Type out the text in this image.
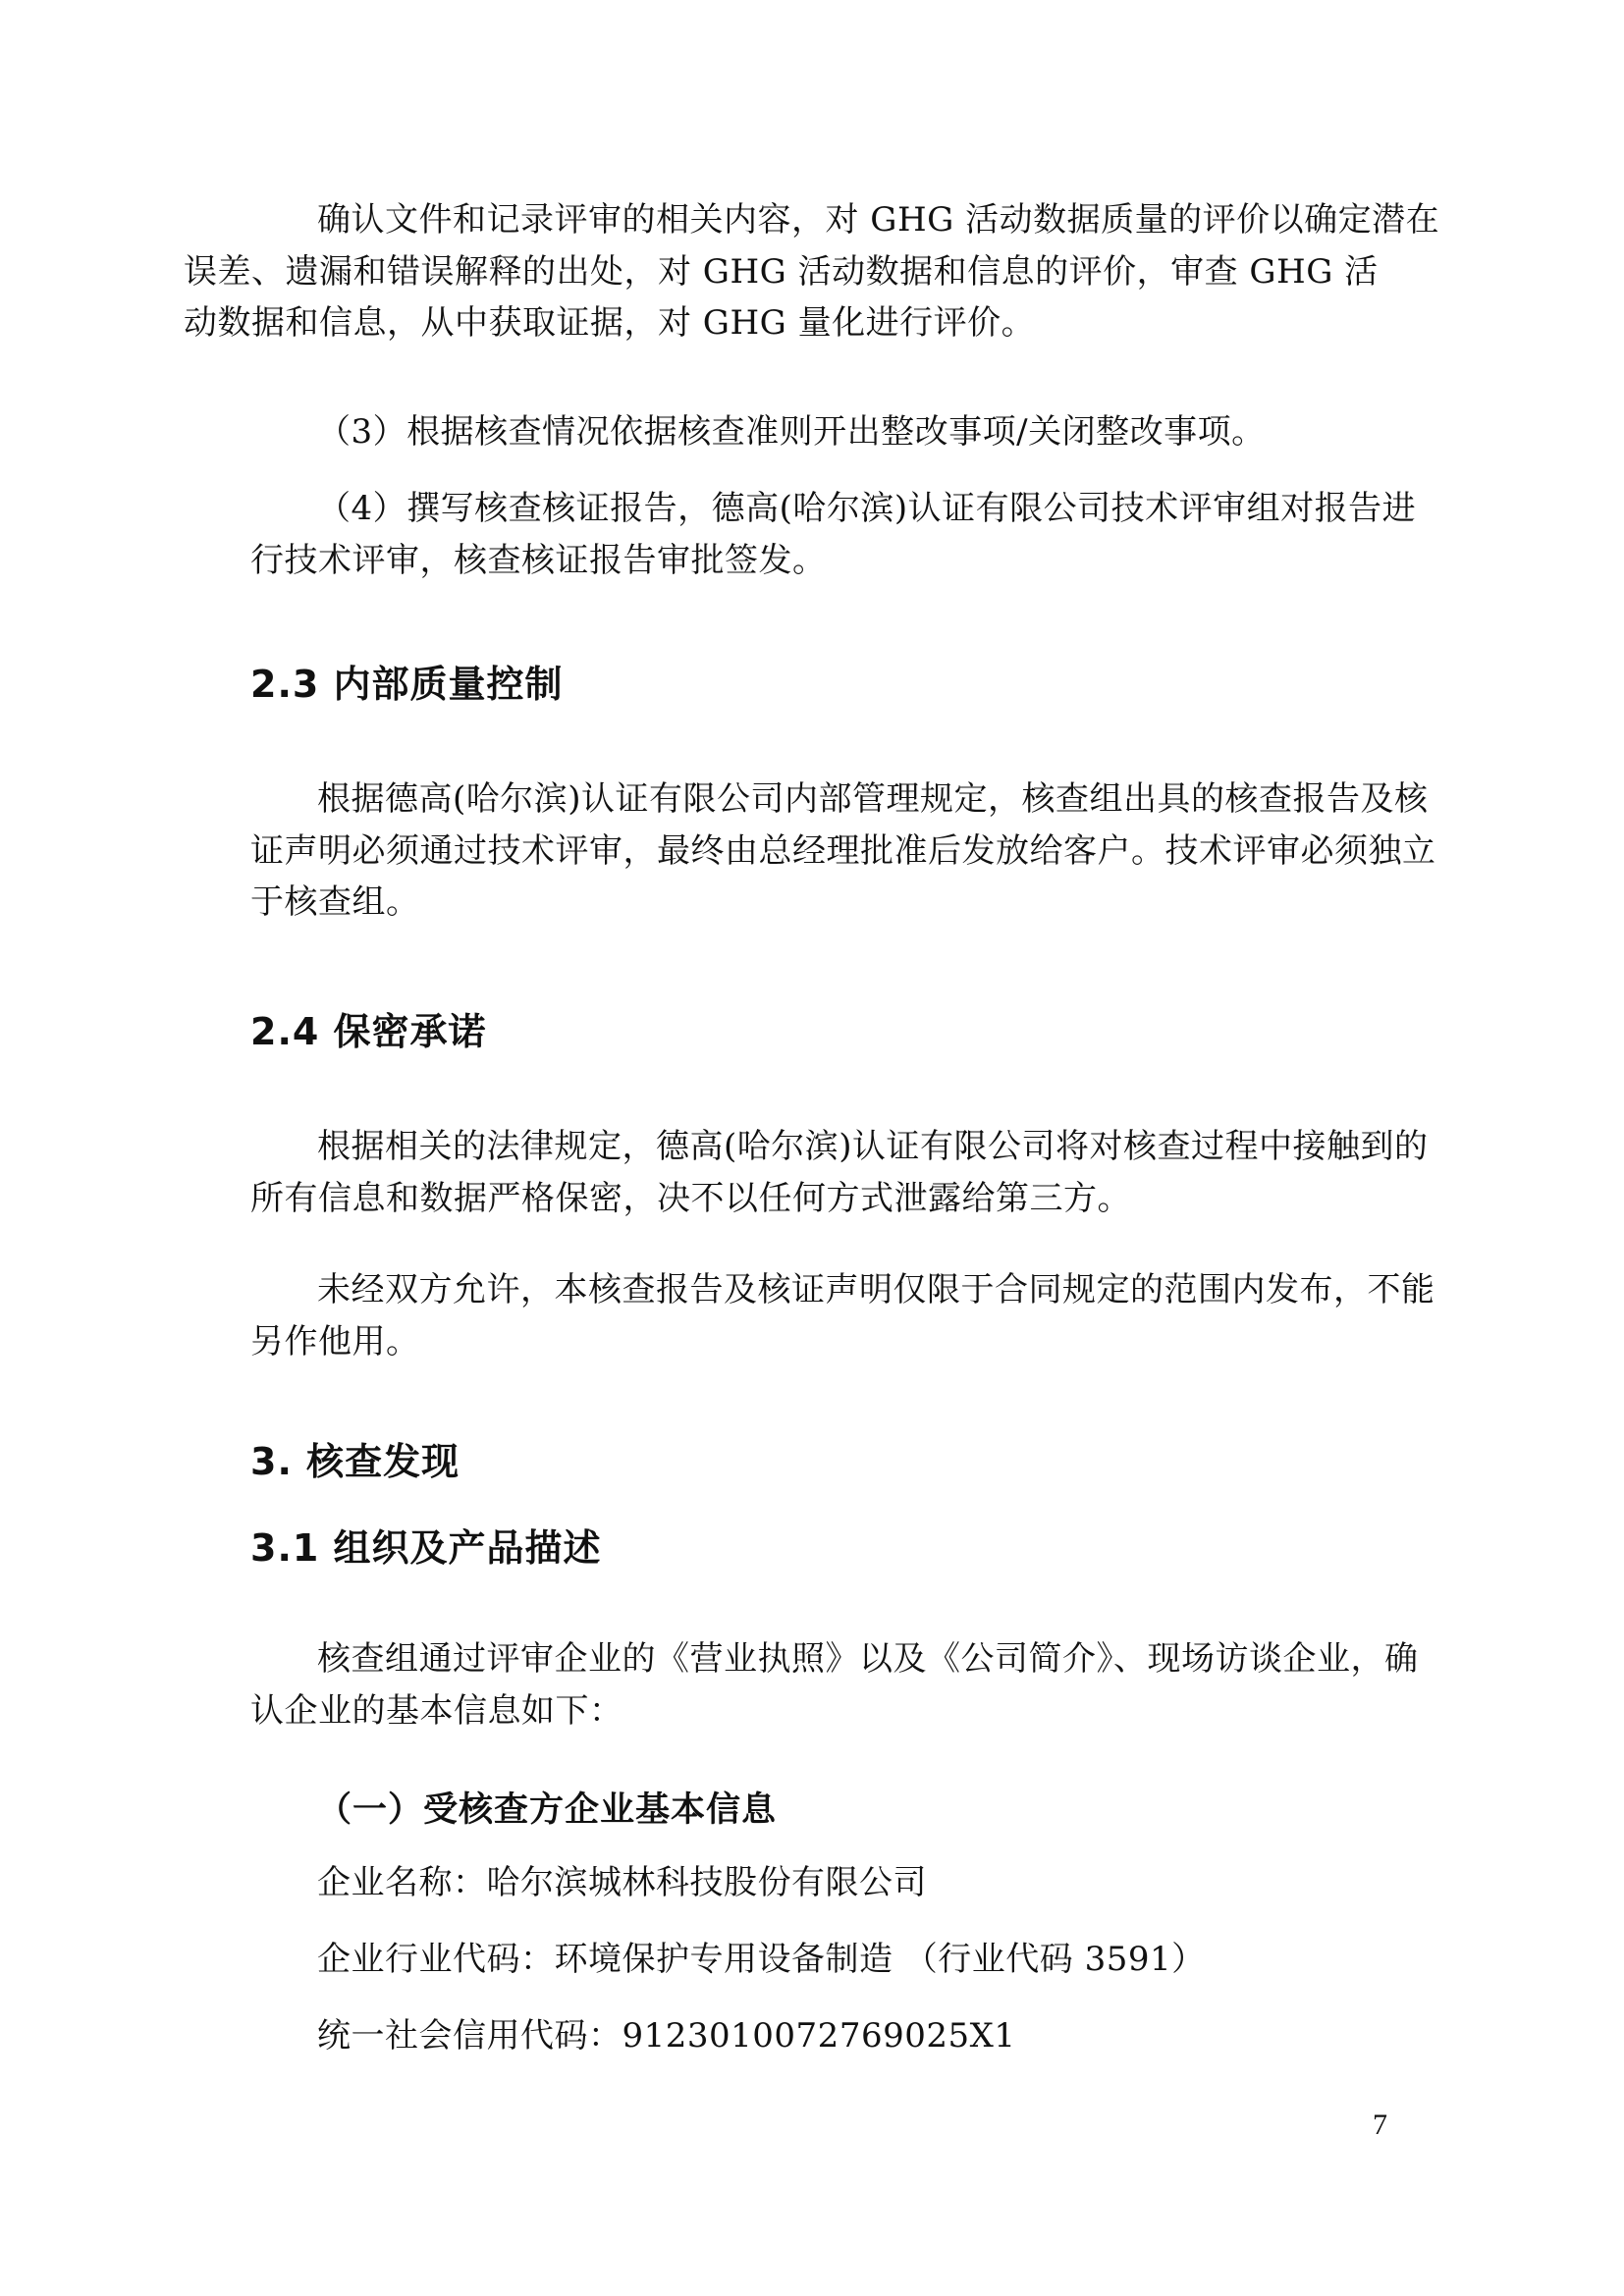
确认文件和记录评审的相关内容，对 GHG 活动数据质量的评价以确定潜在
误差、遗漏和错误解释的出处，对 GHG 活动数据和信息的评价，审查 GHG 活
动数据和信息，从中获取证据，对 GHG 量化进行评价。
（3）根据核查情况依据核查准则开出整改事项/关闭整改事项。
（4）撰写核查核证报告，德高(哈尔滨)认证有限公司技术评审组对报告进
行技术评审，核查核证报告审批签发。
2.3 内部质量控制
根据德高(哈尔滨)认证有限公司内部管理规定，核查组出具的核查报告及核
证声明必须通过技术评审，最终由总经理批准后发放给客户。技术评审必须独立
于核查组。
2.4 保密承诺
根据相关的法律规定，德高(哈尔滨)认证有限公司将对核查过程中接触到的
所有信息和数据严格保密，决不以任何方式泄露给第三方。
未经双方允许，本核查报告及核证声明仅限于合同规定的范围内发布，不能
另作他用。
3. 核查发现
3.1 组织及产品描述
核查组通过评审企业的《营业执照》以及《公司简介》、现场访谈企业，确
认企业的基本信息如下：
（一）受核查方企业基本信息
企业名称：哈尔滨城林科技股份有限公司
企业行业代码：环境保护专用设备制造 （行业代码 3591）
统一社会信用代码：9123010072769025X1
7
